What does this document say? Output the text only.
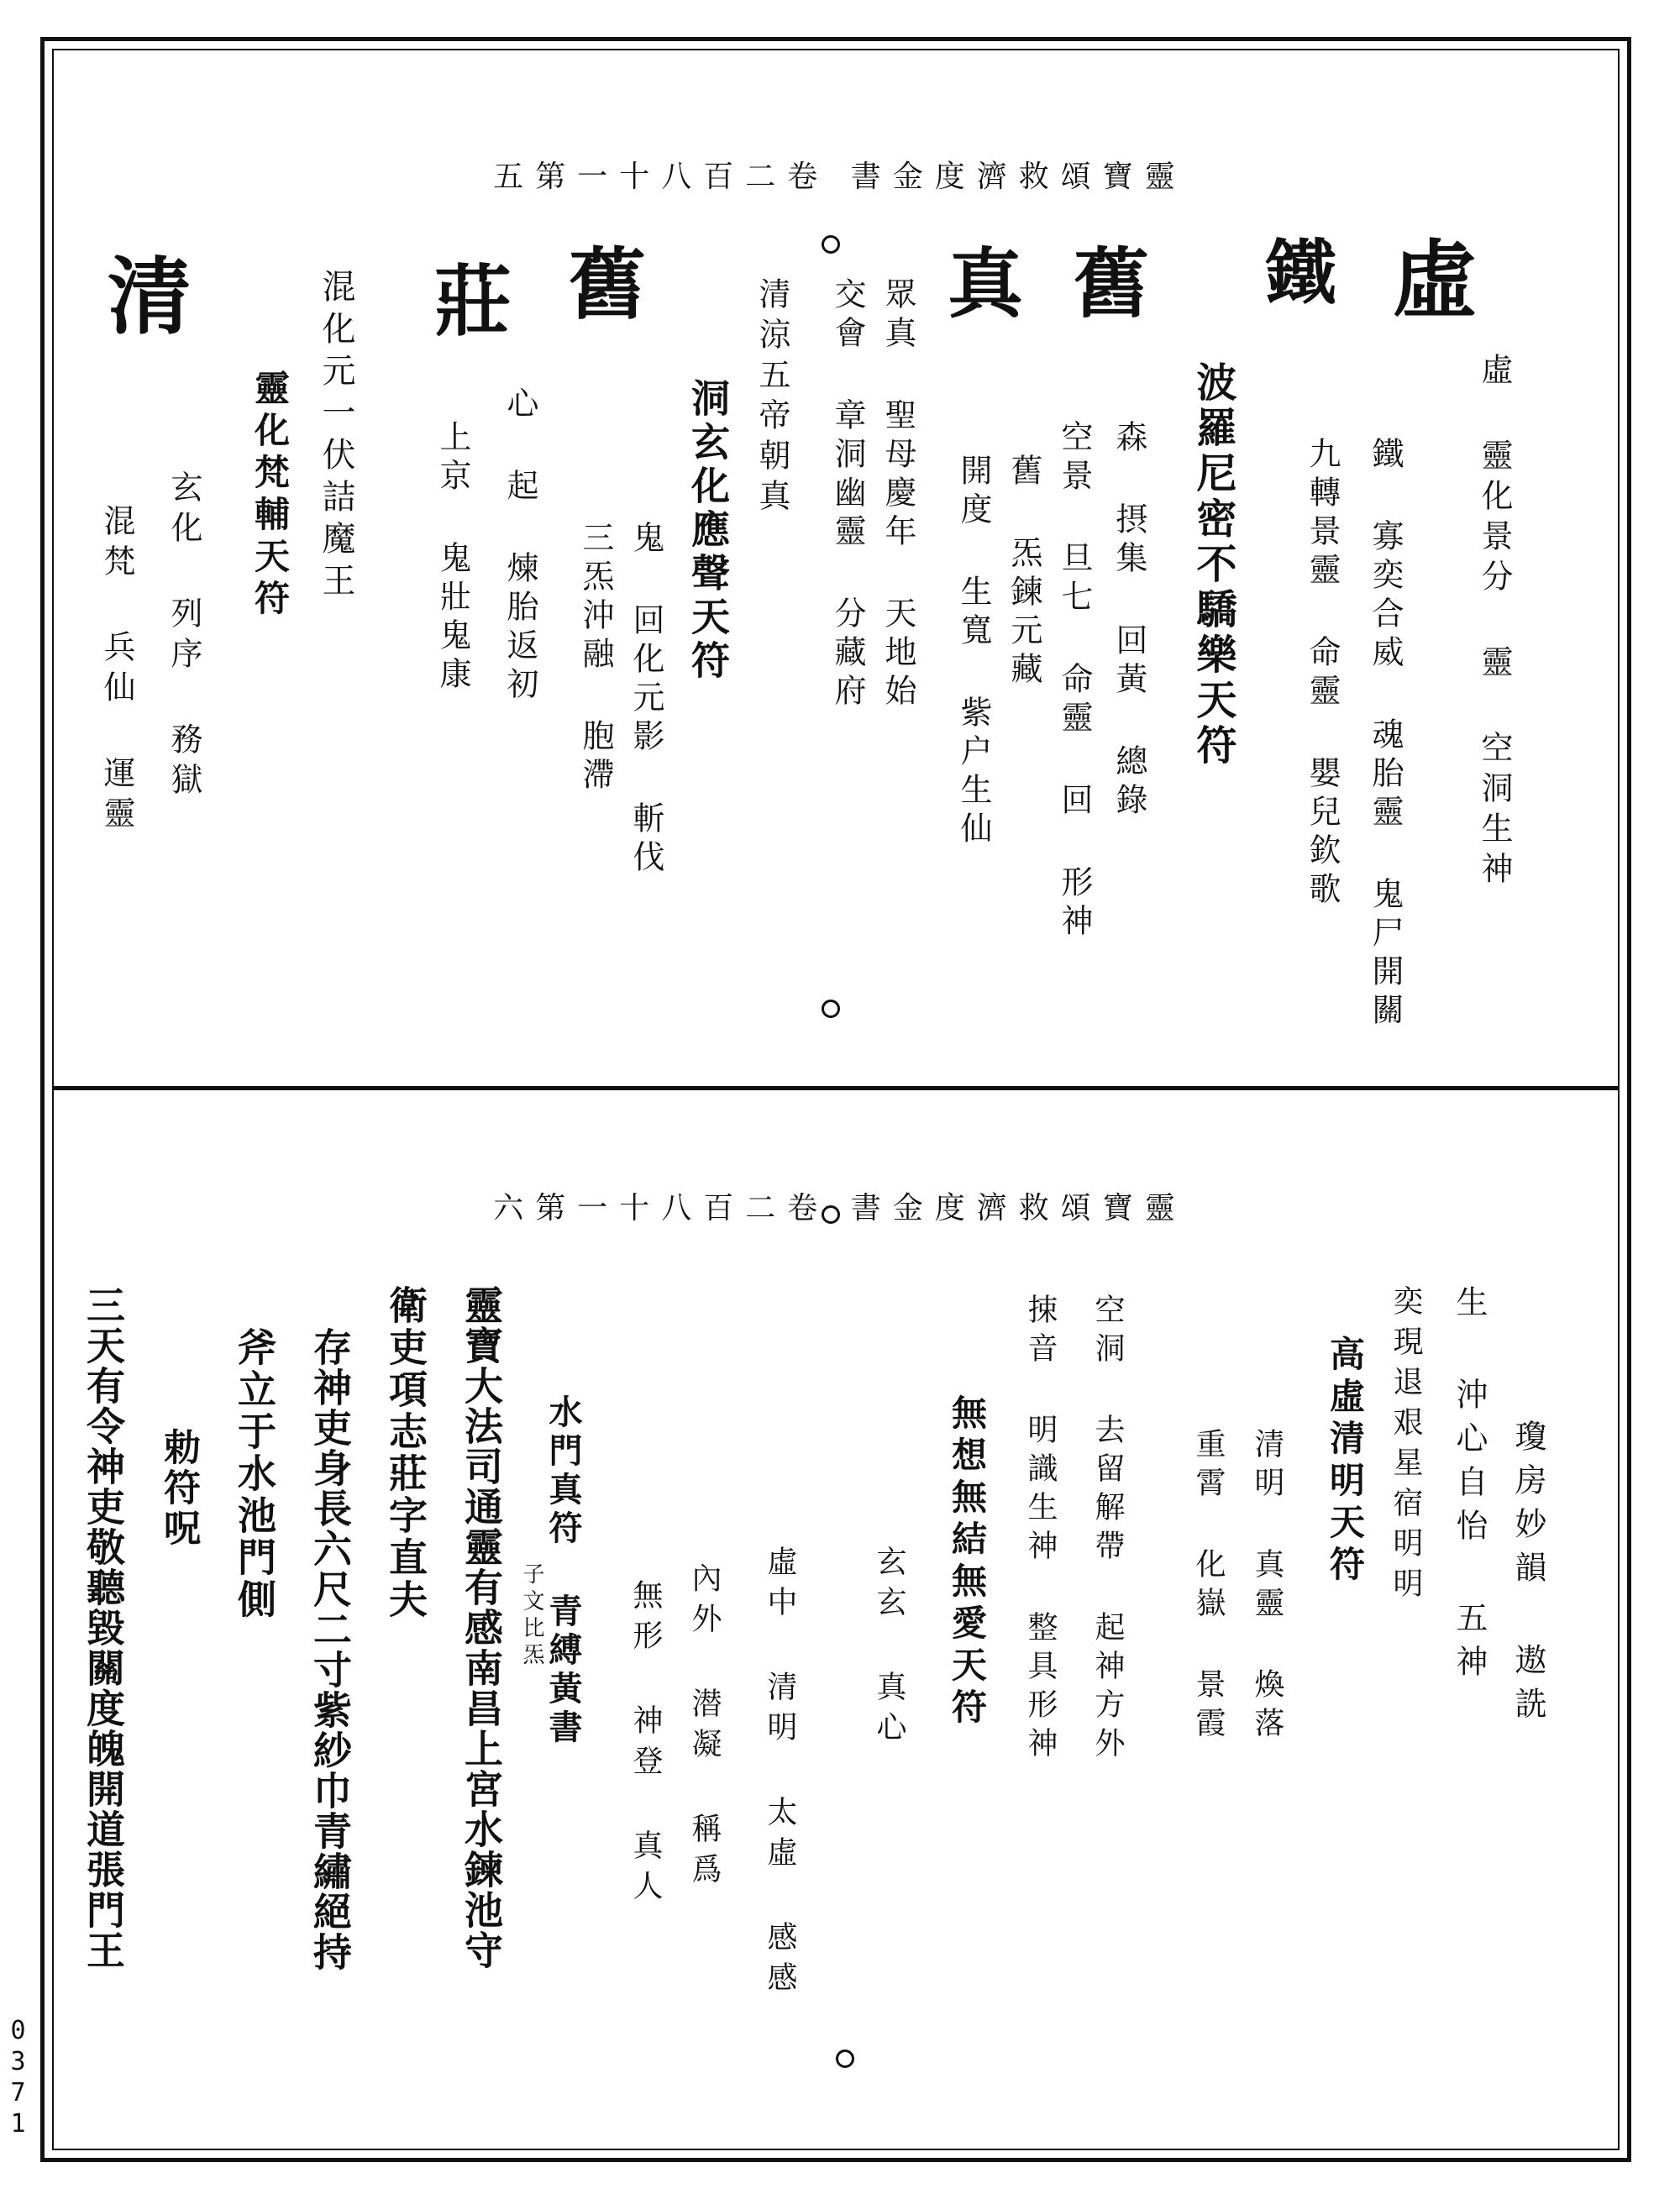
0371
五第一十八百二卷 書金度濟救頌寶靈
虛
虛 靈化景分 靈 空洞生神
鐵
鐵 寡奕合威 魂胎靈 鬼尸開關
九轉景靈 命靈 嬰兒欽歌
波羅尼密不驕樂天符
舊
森 摂集 回黃 總錄
空景 旦七 命靈 回 形神
真
舊 炁鍊元藏
開度 生寬 紫户生仙
眾真 聖母慶年 天地始
交會 章洞幽靈 分藏府
清涼五帝朝真
洞玄化應聲天符
舊
鬼 回化元影 斬伐
三炁沖融 胞滯
莊
心 起 煉胎返初
上京 鬼壯鬼康
混化元一伏詰魔王
靈化梵輔天符
清
玄化 列序 務獄
混梵 兵仙 運靈
六第一十八百二卷 書金度濟救頌寶靈
生 沖心自怡 五神 瓊房妙韻 遨詵
奕現退艰星宿明明
高虛清明天符
清明 真靈 煥落
重霄 化嶽 景霞
空洞 去留解帶 起神方外
捒音 明識生神 整具形神
無想無結無愛天符
玄玄 真心
虛中 清明 太虛 感感
內外 潜凝 稱爲
無形 神登 真人
水門真符 青縛黃書
子文比炁
靈寶大法司通靈有感南昌上宮水鍊池守
衛吏項志莊字直夫
存神吏身長六尺二寸紫紗巾青繡絕持
斧立于水池門側
勅符呪
三天有令神吏敬聽毀關度魄開道張門王
